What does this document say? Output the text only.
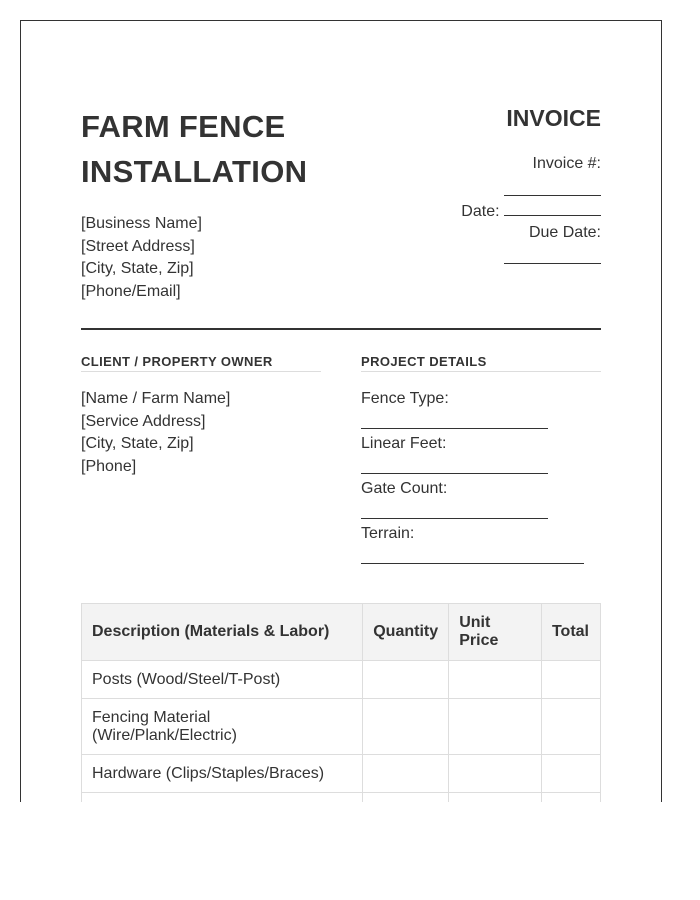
FARM FENCE
INSTALLATION
[Business Name]
[Street Address]
[City, State, Zip]
[Phone/Email]
INVOICE
Invoice #:
Date:
Due Date:
CLIENT / PROPERTY OWNER	PROJECT DETAILS
[Name / Farm Name]
[Service Address]
[City, State, Zip]
[Phone]
Fence Type:
Linear Feet:
Gate Count:
Terrain:
Description (Materials & Labor)	Quantity	Unit Price	Total
Posts (Wood/Steel/T-Post)			
Fencing Material (Wire/Plank/Electric)			
Hardware (Clips/Staples/Braces)			
